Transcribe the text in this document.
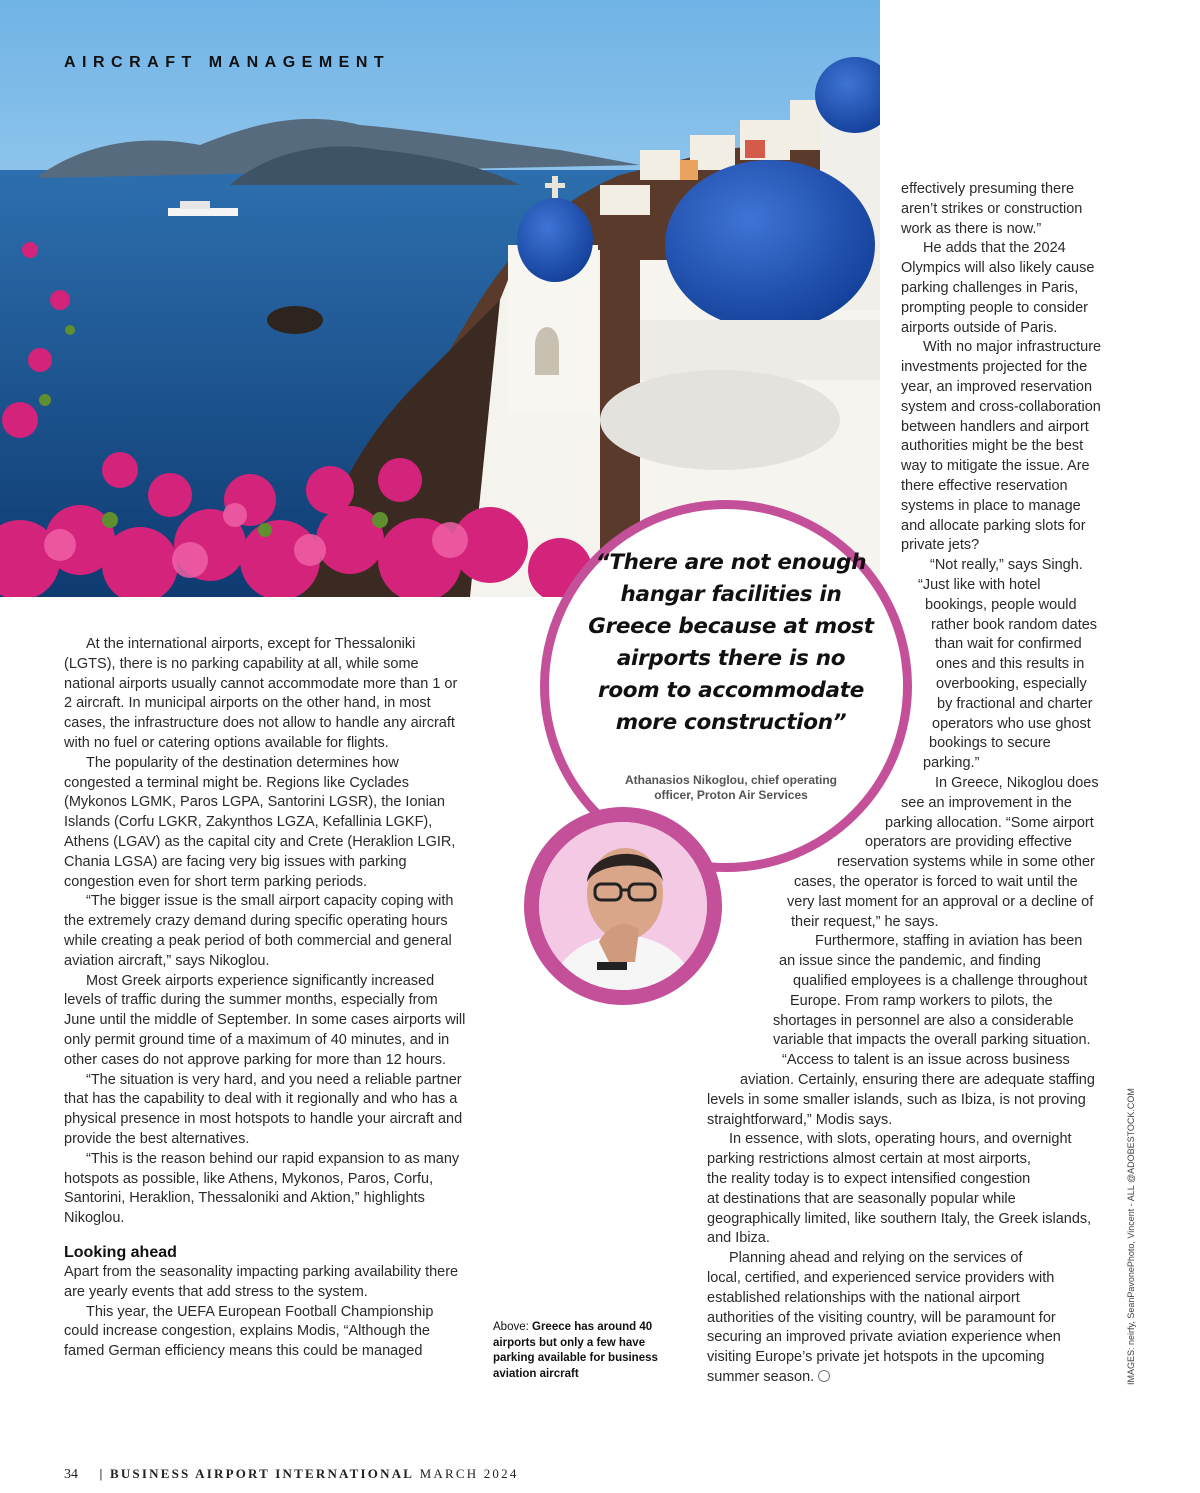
AIRCRAFT MANAGEMENT

At the international airports, except for Thessaloniki (LGTS), there is no parking capability at all, while some national airports usually cannot accommodate more than 1 or 2 aircraft. In municipal airports on the other hand, in most cases, the infrastructure does not allow to handle any aircraft with no fuel or catering options available for flights.

The popularity of the destination determines how congested a terminal might be. Regions like Cyclades (Mykonos LGMK, Paros LGPA, Santorini LGSR), the Ionian Islands (Corfu LGKR, Zakynthos LGZA, Kefallinia LGKF), Athens (LGAV) as the capital city and Crete (Heraklion LGIR, Chania LGSA) are facing very big issues with parking congestion even for short term parking periods.

“The bigger issue is the small airport capacity coping with the extremely crazy demand during specific operating hours while creating a peak period of both commercial and general aviation aircraft,” says Nikoglou.

Most Greek airports experience significantly increased levels of traffic during the summer months, especially from June until the middle of September. In some cases airports will only permit ground time of a maximum of 40 minutes, and in other cases do not approve parking for more than 12 hours.

“The situation is very hard, and you need a reliable partner that has the capability to deal with it regionally and who has a physical presence in most hotspots to handle your aircraft and provide the best alternatives.

“This is the reason behind our rapid expansion to as many hotspots as possible, like Athens, Mykonos, Paros, Corfu, Santorini, Heraklion, Thessaloniki and Aktion,” highlights Nikoglou.

Looking ahead

Apart from the seasonality impacting parking availability there are yearly events that add stress to the system.

This year, the UEFA European Football Championship could increase congestion, explains Modis, “Although the famed German efficiency means this could be managed

“There are not enough hangar facilities in Greece because at most airports there is no room to accommodate more construction”
Athanasios Nikoglou, chief operating officer, Proton Air Services
effectively presuming there
aren’t strikes or construction
work as there is now.”
He adds that the 2024
Olympics will also likely cause
parking challenges in Paris,
prompting people to consider
airports outside of Paris.
With no major infrastructure
investments projected for the
year, an improved reservation
system and cross-collaboration
between handlers and airport
authorities might be the best
way to mitigate the issue. Are
there effective reservation
systems in place to manage
and allocate parking slots for
private jets?
“Not really,” says Singh.
“Just like with hotel
bookings, people would
rather book random dates
than wait for confirmed
ones and this results in
overbooking, especially
by fractional and charter
operators who use ghost
bookings to secure
parking.”
In Greece, Nikoglou does
see an improvement in the
parking allocation. “Some airport
operators are providing effective
reservation systems while in some other
cases, the operator is forced to wait until the
very last moment for an approval or a decline of
their request,” he says.
Furthermore, staffing in aviation has been
an issue since the pandemic, and finding
qualified employees is a challenge throughout
Europe. From ramp workers to pilots, the
shortages in personnel are also a considerable
variable that impacts the overall parking situation.
“Access to talent is an issue across business
aviation. Certainly, ensuring there are adequate staffing
levels in some smaller islands, such as Ibiza, is not proving
straightforward,” Modis says.
In essence, with slots, operating hours, and overnight
parking restrictions almost certain at most airports,
the reality today is to expect intensified congestion
at destinations that are seasonally popular while
geographically limited, like southern Italy, the Greek islands,
and Ibiza.
Planning ahead and relying on the services of
local, certified, and experienced service providers with
established relationships with the national airport
authorities of the visiting country, will be paramount for
securing an improved private aviation experience when
visiting Europe’s private jet hotspots in the upcoming
summer season.
Above: Greece has around 40 airports but only a few have parking available for business aviation aircraft	IMAGES: neirfy, SeanPavonePhoto, Vincent - ALL @ADOBESTOCK.COM
34 | BUSINESS AIRPORT INTERNATIONAL MARCH 2024
